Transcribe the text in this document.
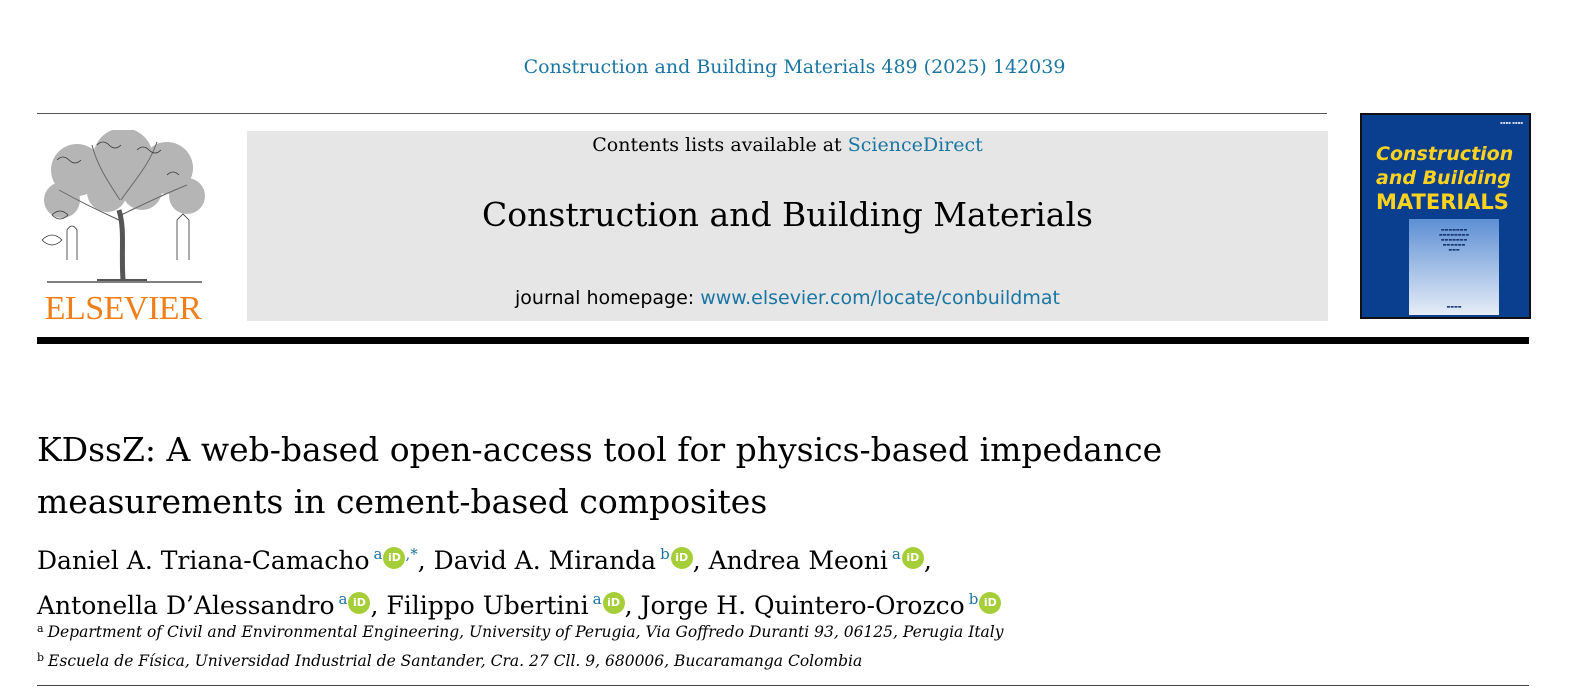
Construction and Building Materials 489 (2025) 142039
ELSEVIER
Contents lists available at ScienceDirect
Construction and Building Materials
journal homepage: www.elsevier.com/locate/conbuildmat
▪▪▪▪ ▪▪▪▪
Construction
and Building
MATERIALS
▬▬▬▬▬▬▬
▬▬▬▬▬▬▬▬
▬▬▬▬▬▬▬
▬▬▬▬▬▬
▬▬▬
▬▬▬▬
KDssZ: A web-based open-access tool for physics-based impedance
measurements in cement-based composites
Daniel A. Triana-Camacho $^a$ iD ,*, David A. Miranda $^b$ iD , Andrea Meoni $^a$ iD ,
Antonella D’Alessandro $^a$ iD , Filippo Ubertini $^a$ iD , Jorge H. Quintero-Orozco $^b$ iD
$^a$ Department of Civil and Environmental Engineering, University of Perugia, Via Goffredo Duranti 93, 06125, Perugia Italy
$^b$ Escuela de Física, Universidad Industrial de Santander, Cra. 27 Cll. 9, 680006, Bucaramanga Colombia
